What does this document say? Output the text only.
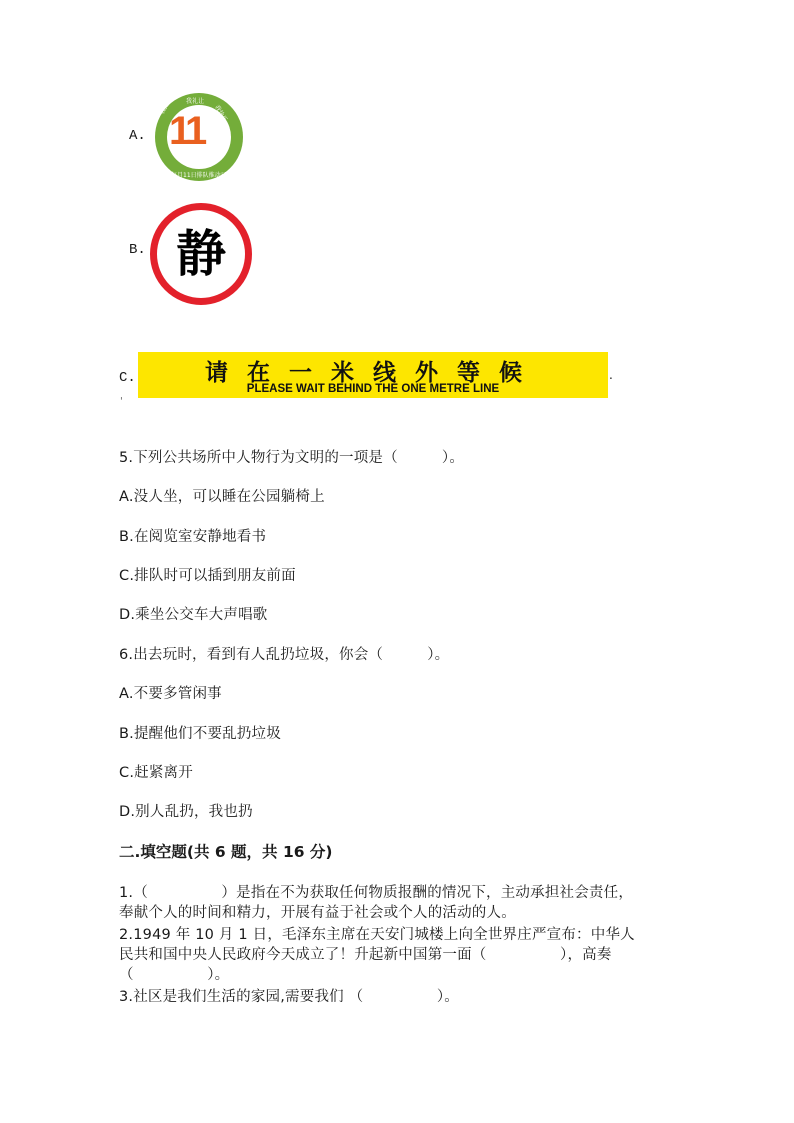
A.
我礼让
我排队	我快乐
每月11日排队推动日
11
B. 静
C.	请在一米线外等候
PLEASE WAIT BEHIND THE ONE METRE LINE
.
'
5.下列公共场所中人物行为文明的一项是（　　　）。
A.没人坐，可以睡在公园躺椅上
B.在阅览室安静地看书
C.排队时可以插到朋友前面
D.乘坐公交车大声唱歌
6.出去玩时，看到有人乱扔垃圾，你会（　　　）。
A.不要多管闲事
B.提醒他们不要乱扔垃圾
C.赶紧离开
D.别人乱扔，我也扔
二.填空题(共 6 题，共 16 分)
1.（　　　　　）是指在不为获取任何物质报酬的情况下，主动承担社会责任，
奉献个人的时间和精力，开展有益于社会或个人的活动的人。
2.1949 年 10 月 1 日，毛泽东主席在天安门城楼上向全世界庄严宣布：中华人
民共和国中央人民政府今天成立了！升起新中国第一面（　　　　　），高奏
（　　　　　）。
3.社区是我们生活的家园,需要我们 （　　　　　）。
